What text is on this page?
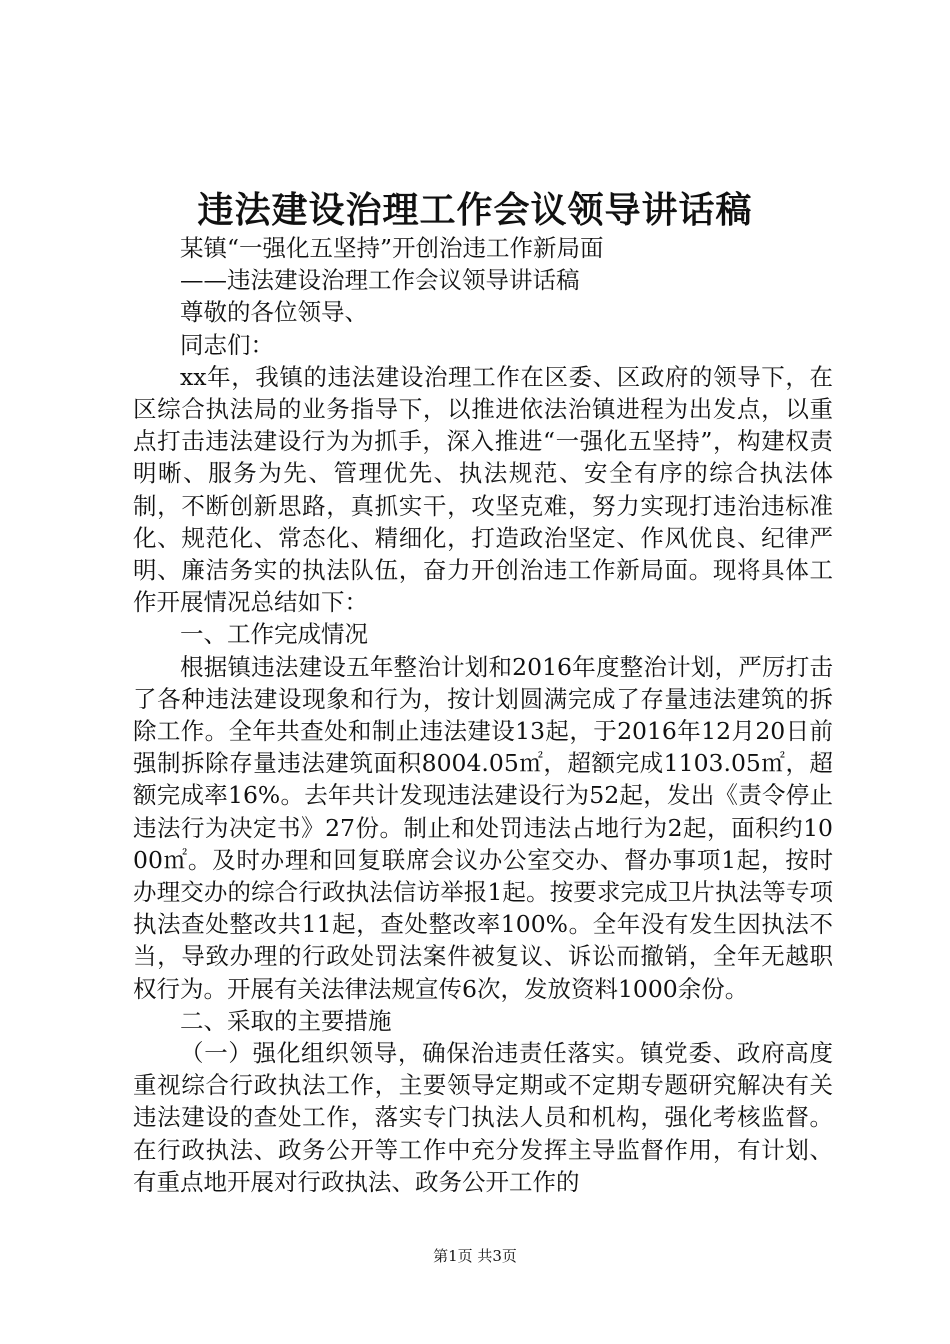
违法建设治理工作会议领导讲话稿

某镇“一强化五坚持”开创治违工作新局面

——违法建设治理工作会议领导讲话稿

尊敬的各位领导、

同志们：

xx年，我镇的违法建设治理工作在区委、区政府的领导下，在区综合执法局的业务指导下，以推进依法治镇进程为出发点，以重点打击违法建设行为为抓手，深入推进“一强化五坚持”，构建权责明晰、服务为先、管理优先、执法规范、安全有序的综合执法体制，不断创新思路，真抓实干，攻坚克难，努力实现打违治违标准化、规范化、常态化、精细化，打造政治坚定、作风优良、纪律严明、廉洁务实的执法队伍，奋力开创治违工作新局面。现将具体工作开展情况总结如下：

一、工作完成情况

根据镇违法建设五年整治计划和2016年度整治计划，严厉打击了各种违法建设现象和行为，按计划圆满完成了存量违法建筑的拆除工作。全年共查处和制止违法建设13起，于2016年12月20日前强制拆除存量违法建筑面积8004.05㎡，超额完成1103.05㎡，超额完成率16%。去年共计发现违法建设行为52起，发出《责令停止违法行为决定书》27份。制止和处罚违法占地行为2起，面积约1000㎡。及时办理和回复联席会议办公室交办、督办事项1起，按时办理交办的综合行政执法信访举报1起。按要求完成卫片执法等专项执法查处整改共11起，查处整改率100%。全年没有发生因执法不当，导致办理的行政处罚法案件被复议、诉讼而撤销，全年无越职权行为。开展有关法律法规宣传6次，发放资料1000余份。

二、采取的主要措施

（一）强化组织领导，确保治违责任落实。镇党委、政府高度重视综合行政执法工作，主要领导定期或不定期专题研究解决有关违法建设的查处工作，落实专门执法人员和机构，强化考核监督。在行政执法、政务公开等工作中充分发挥主导监督作用，有计划、有重点地开展对行政执法、政务公开工作的

第1页 共3页
